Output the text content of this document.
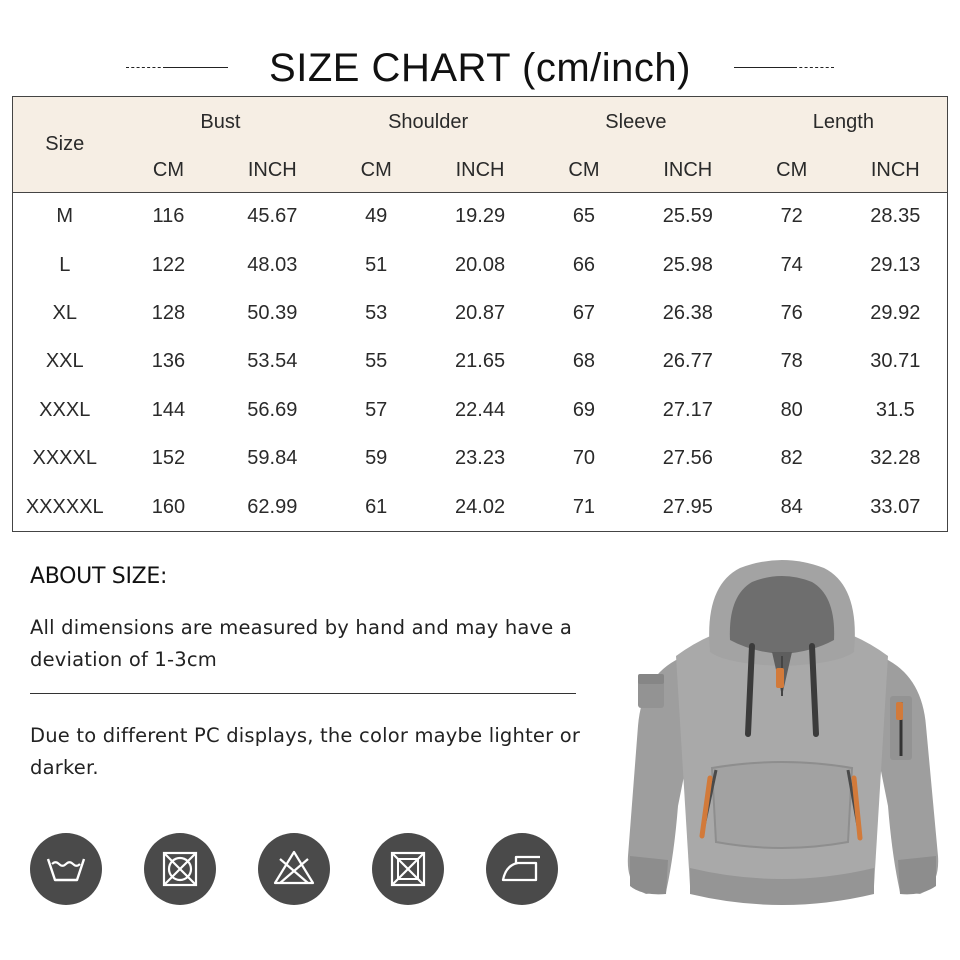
SIZE CHART (cm/inch)
Size	Bust		Shoulder		Sleeve		Length	
	CM	INCH	CM	INCH	CM	INCH	CM	INCH
M	116	45.67	49	19.29	65	25.59	72	28.35
L	122	48.03	51	20.08	66	25.98	74	29.13
XL	128	50.39	53	20.87	67	26.38	76	29.92
XXL	136	53.54	55	21.65	68	26.77	78	30.71
XXXL	144	56.69	57	22.44	69	27.17	80	31.5
XXXXL	152	59.84	59	23.23	70	27.56	82	32.28
XXXXXL	160	62.99	61	24.02	71	27.95	84	33.07
ABOUT SIZE:
All dimensions are measured by hand and may have a deviation of 1-3cm
Due to different PC displays, the color maybe lighter or darker.
